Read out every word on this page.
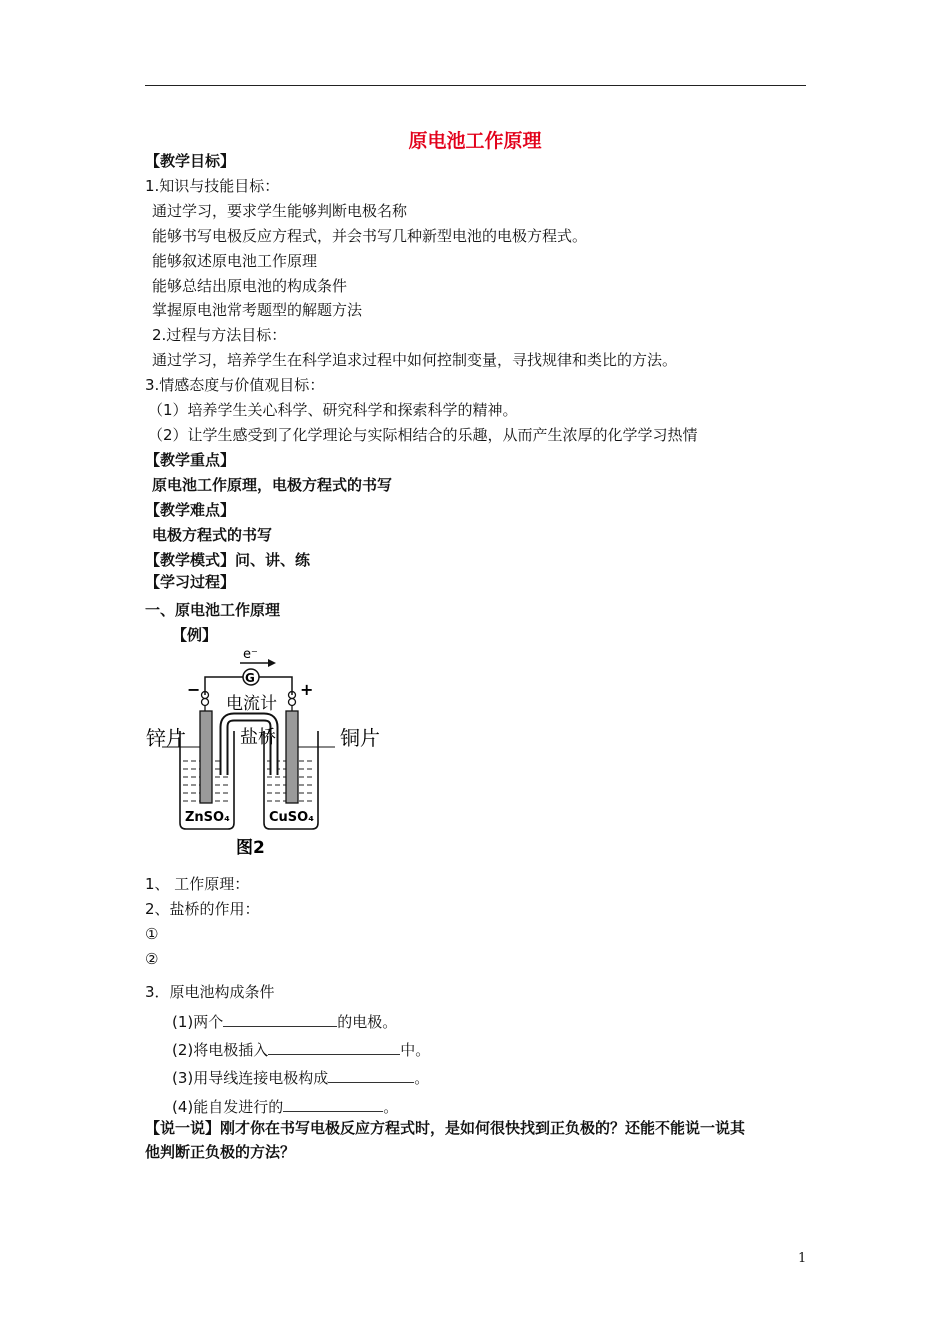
原电池工作原理
【教学目标】
1.知识与技能目标：
通过学习，要求学生能够判断电极名称
能够书写电极反应方程式，并会书写几种新型电池的电极方程式。
能够叙述原电池工作原理
能够总结出原电池的构成条件
掌握原电池常考题型的解题方法
2.过程与方法目标：
通过学习，培养学生在科学追求过程中如何控制变量，寻找规律和类比的方法。
3.情感态度与价值观目标：
（1）培养学生关心科学、研究科学和探索科学的精神。
（2）让学生感受到了化学理论与实际相结合的乐趣，从而产生浓厚的化学学习热情
【教学重点】
原电池工作原理，电极方程式的书写
【教学难点】
电极方程式的书写
【教学模式】问、讲、练
【学习过程】
一、原电池工作原理
【例】
e⁻
G
−	+
电流计
锌片	铜片
盐桥
ZnSO₄	CuSO₄
图2
1、 工作原理：
2、盐桥的作用：
①
②
3．原电池构成条件
(1)两个	的电极。
(2)将电极插入	中。
(3)用导线连接电极构成	。
(4)能自发进行的	。
【说一说】刚才你在书写电极反应方程式时，是如何很快找到正负极的？还能不能说一说其
他判断正负极的方法？
1
